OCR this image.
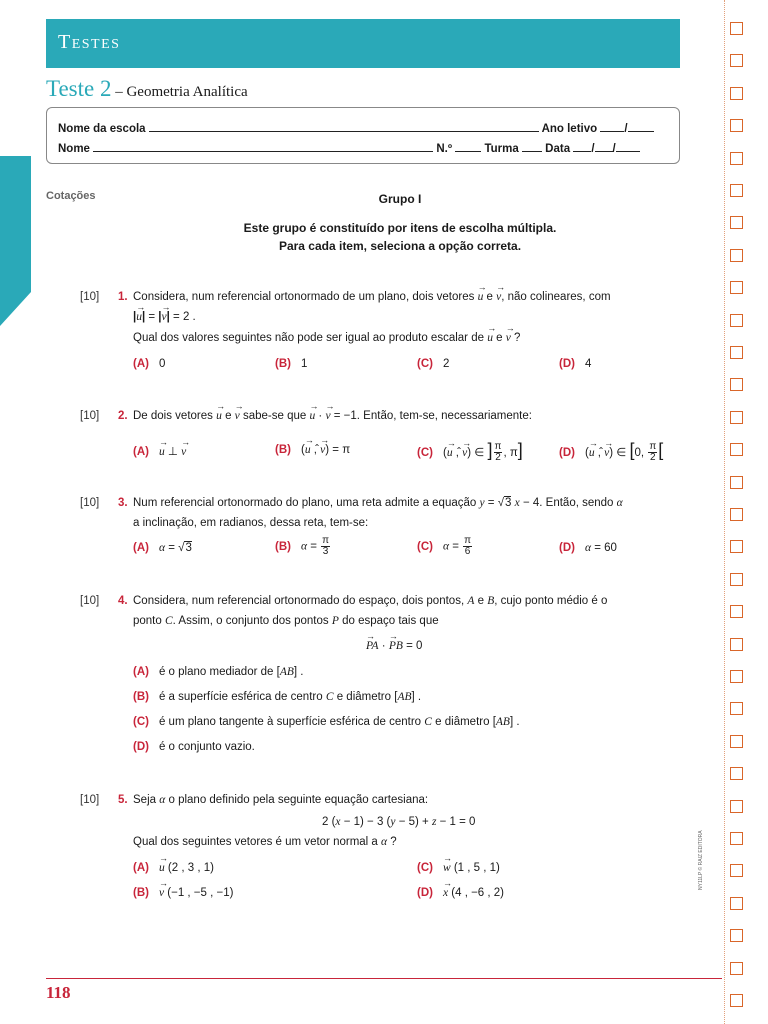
Testes
Teste 2 – Geometria Analítica
Nome da escola	Ano letivo /
Nome	N.º	Turma Data / /
Cotações	Grupo I
Este grupo é constituído por itens de escolha múltipla.
Para cada item, seleciona a opção correta.
[10] 1. Considera, num referencial ortonormado de um plano, dois vetores → u e → v, não colineares, com
|→ u| = |→ v| = 2 .
Qual dos valores seguintes não pode ser igual ao produto escalar de → u e → v ?
(A) 0	(B) 1	(C) 2	(D) 4
[10] 2. De dois vetores → u e → v sabe-se que → u · → v = −1. Então, tem-se, necessariamente:
(A) → u ⊥ → v	(B) (→ u ,̂ → v) = π	(C) (→ u ,̂ → v) ∈ ] $\frac{\pi}{2}$ , π]	(D) (→ u ,̂ → v) ∈ [0, $\frac{\pi}{2}$ [
[10] 3. Num referencial ortonormado do plano, uma reta admite a equação y = √3 x − 4. Então, sendo α
a inclinação, em radianos, dessa reta, tem-se:
(A) α = √3	(B) $\alpha = \frac{\pi}{3}$	(C) $\alpha = \frac{\pi}{6}$	(D) α = 60
[10] 4. Considera, num referencial ortonormado do espaço, dois pontos, A e B, cujo ponto médio é o
ponto C. Assim, o conjunto dos pontos P do espaço tais que
→ PA · → PB = 0
(A) é o plano mediador de [AB] .
(B) é a superfície esférica de centro C e diâmetro [AB] .
(C) é um plano tangente à superfície esférica de centro C e diâmetro [AB] .
(D) é o conjunto vazio.
[10] 5. Seja α o plano definido pela seguinte equação cartesiana:
2 (x − 1) − 3 (y − 5) + z − 1 = 0
Qual dos seguintes vetores é um vetor normal a α ?
(A) → u (2 , 3 , 1)	(C) → w (1 , 5 , 1)
(B) → v (−1 , −5 , −1)	(D) → x (4 , −6 , 2)
NY11LP © RAIZ EDITORA
118
